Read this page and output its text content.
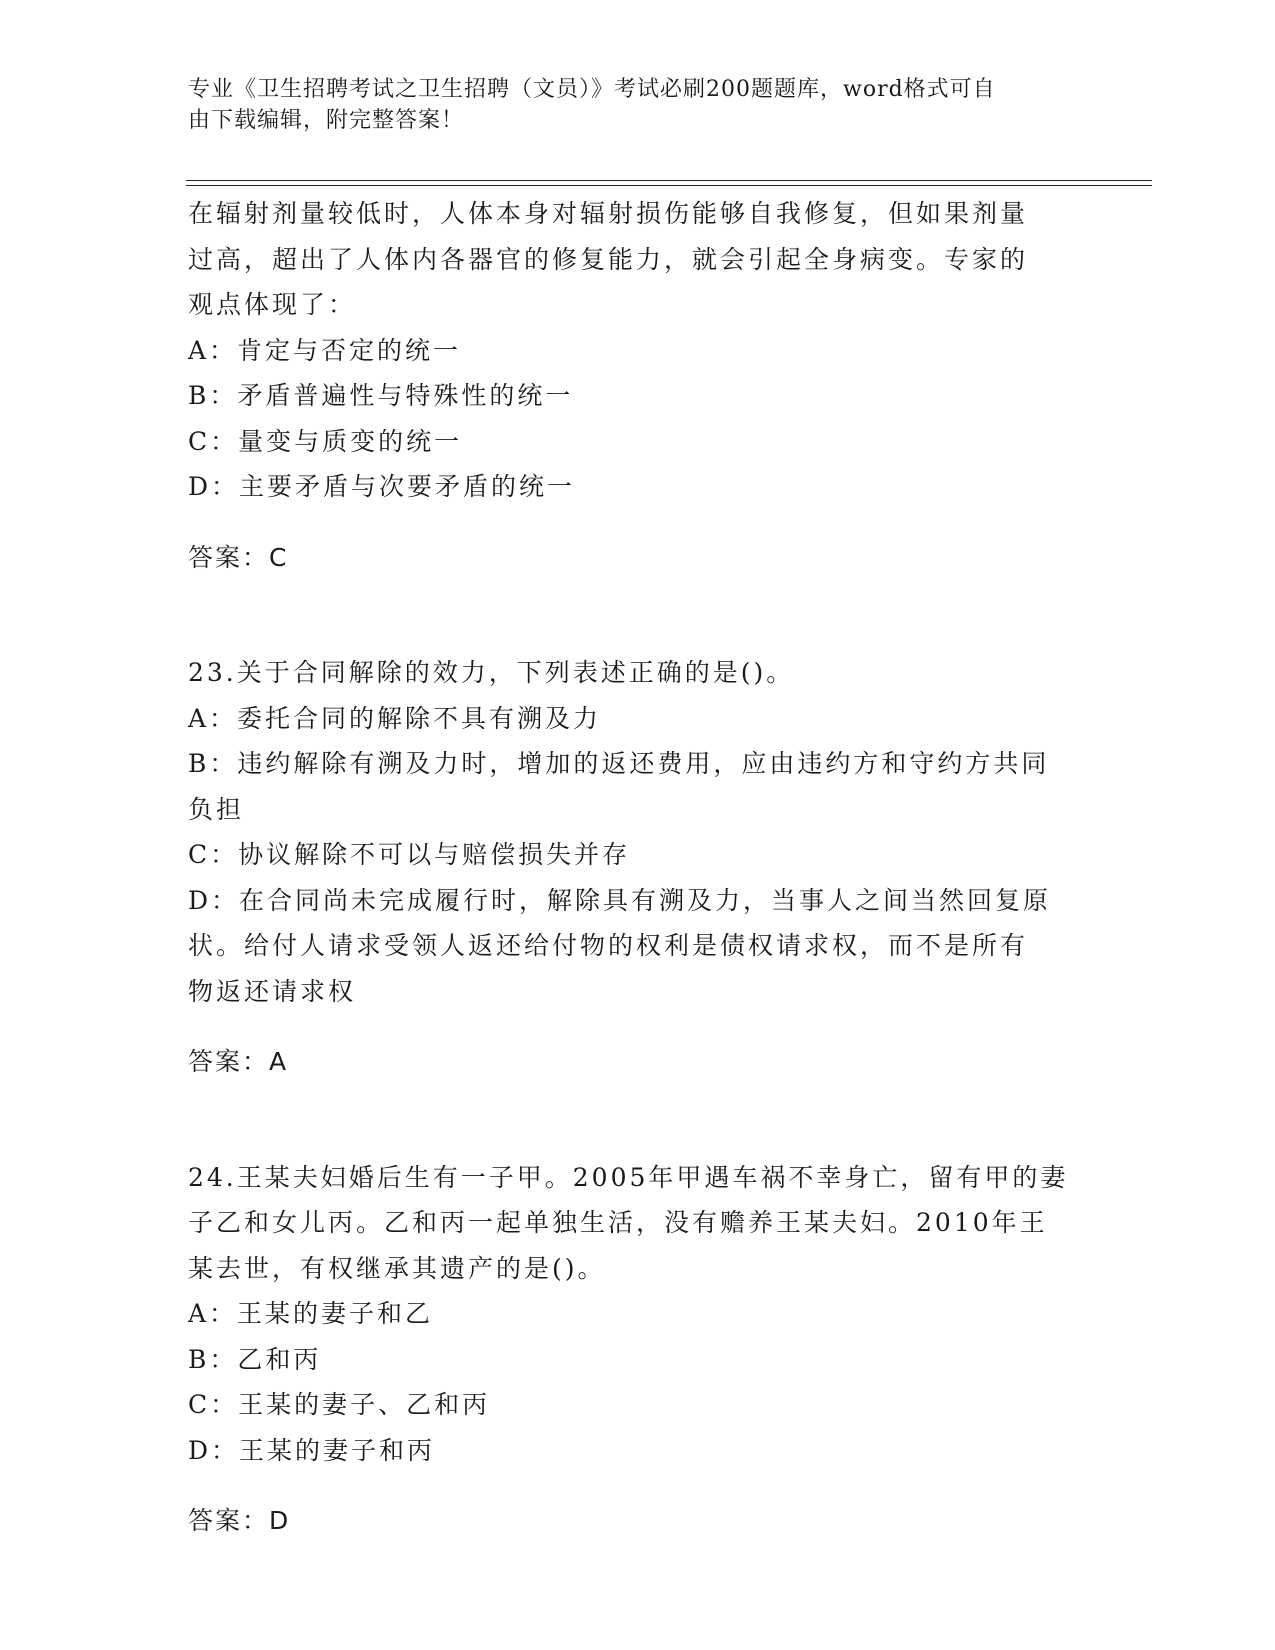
专业《卫生招聘考试之卫生招聘（文员）》考试必刷200题题库，word格式可自
由下载编辑，附完整答案！

在辐射剂量较低时，人体本身对辐射损伤能够自我修复，但如果剂量

过高，超出了人体内各器官的修复能力，就会引起全身病变。专家的

观点体现了：

A：肯定与否定的统一

B：矛盾普遍性与特殊性的统一

C：量变与质变的统一

D：主要矛盾与次要矛盾的统一

答案：C

23.关于合同解除的效力，下列表述正确的是()。

A：委托合同的解除不具有溯及力

B：违约解除有溯及力时，增加的返还费用，应由违约方和守约方共同

负担

C：协议解除不可以与赔偿损失并存

D：在合同尚未完成履行时，解除具有溯及力，当事人之间当然回复原

状。给付人请求受领人返还给付物的权利是债权请求权，而不是所有

物返还请求权

答案：A

24.王某夫妇婚后生有一子甲。2005年甲遇车祸不幸身亡，留有甲的妻

子乙和女儿丙。乙和丙一起单独生活，没有赡养王某夫妇。2010年王

某去世，有权继承其遗产的是()。

A：王某的妻子和乙

B：乙和丙

C：王某的妻子、乙和丙

D：王某的妻子和丙

答案：D
